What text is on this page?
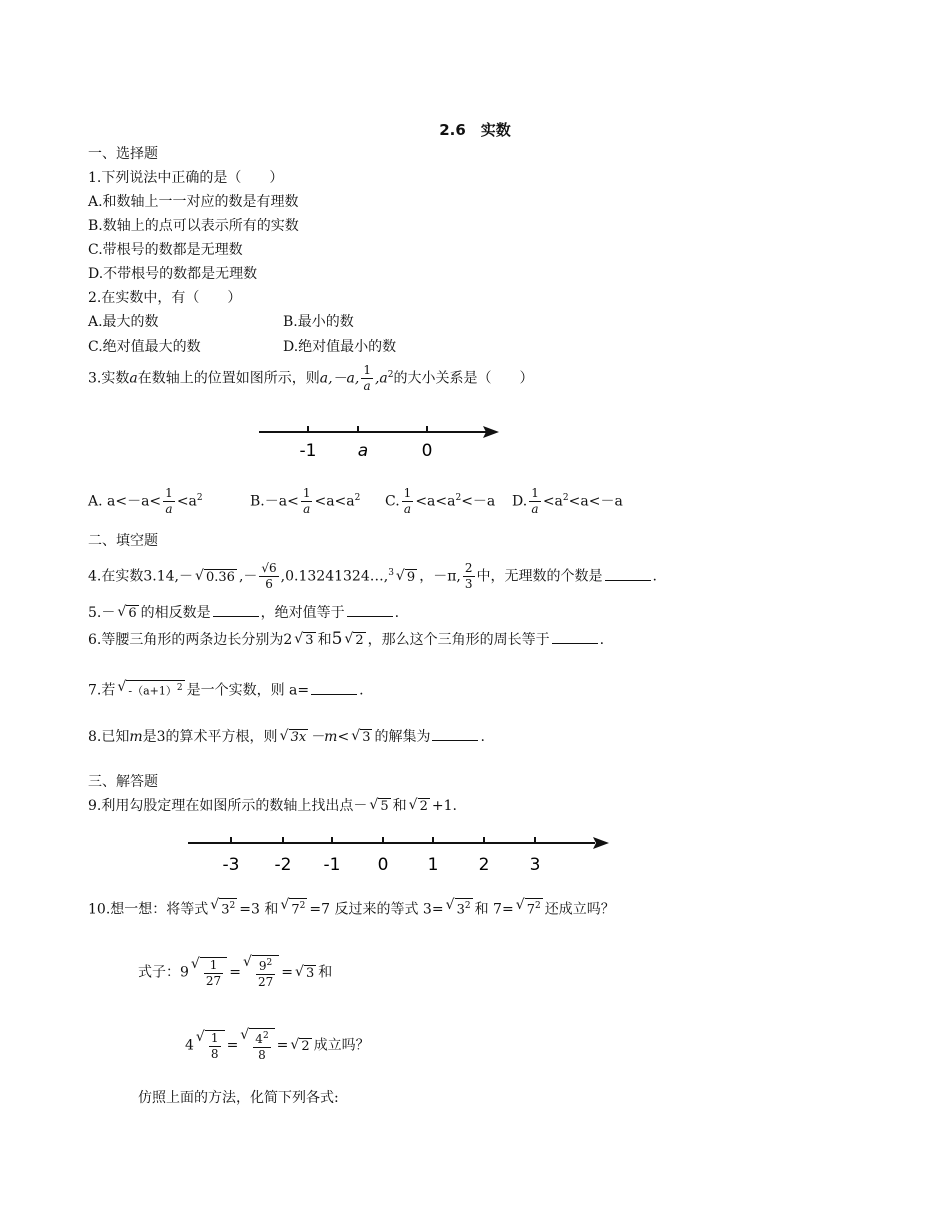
2.6　实数
一、选择题
1.下列说法中正确的是（　　）
A.和数轴上一一对应的数是有理数
B.数轴上的点可以表示所有的实数
C.带根号的数都是无理数
D.不带根号的数都是无理数
2.在实数中，有（　　）
A.最大的数	B.最小的数
C.绝对值最大的数	D.绝对值最小的数
3.实数a在数轴上的位置如图所示，则a,－a, $\frac{1}{a} ,a^2$的大小关系是（　　）
-1 a	0
A. $a<-a< \frac{1}{a} <a^2$	$B.-a< \frac{1}{a} <a<a^2$ C. $\frac{1}{a} <a<a^2<-a$ D. $\frac{1}{a} <a^2<a<-a$
二、填空题
4.在实数3.14,－ √ 0.36 ,－ $\frac{√6}{6}$ ,0.13241324…,$^3$ √ 9 ，－π, $\frac{2}{3}$ 中，无理数的个数是	.
5.－ √ 6 的相反数是	，绝对值等于	.
6.等腰三角形的两条边长分别为2 √ 3 和5 √ 2 ，那么这个三角形的周长等于	.
7.若 √ $-(a+1)^2$ 是一个实数，则 a=	.
8.已知m是3的算术平方根，则 √ 3x －m< √ 3 的解集为	.
三、解答题
9.利用勾股定理在如图所示的数轴上找出点－ √ 5 和 √ 2 +1.
-3 -2 -1 0 1 2 3
10.想一想：将等式 √ $3^2 =3$ 和 √ $7^2 =7$ 反过来的等式 3= √ $3^2$ 和 7= √ $7^2$ 还成立吗？
式子：9 √ $\frac{1}{27}$ = √ $\frac{9^2}{27}$ = √ 3 和
4 √ $\frac{1}{8}$ = √ $\frac{4^2}{8}$ = √ 2 成立吗？
仿照上面的方法，化简下列各式:
